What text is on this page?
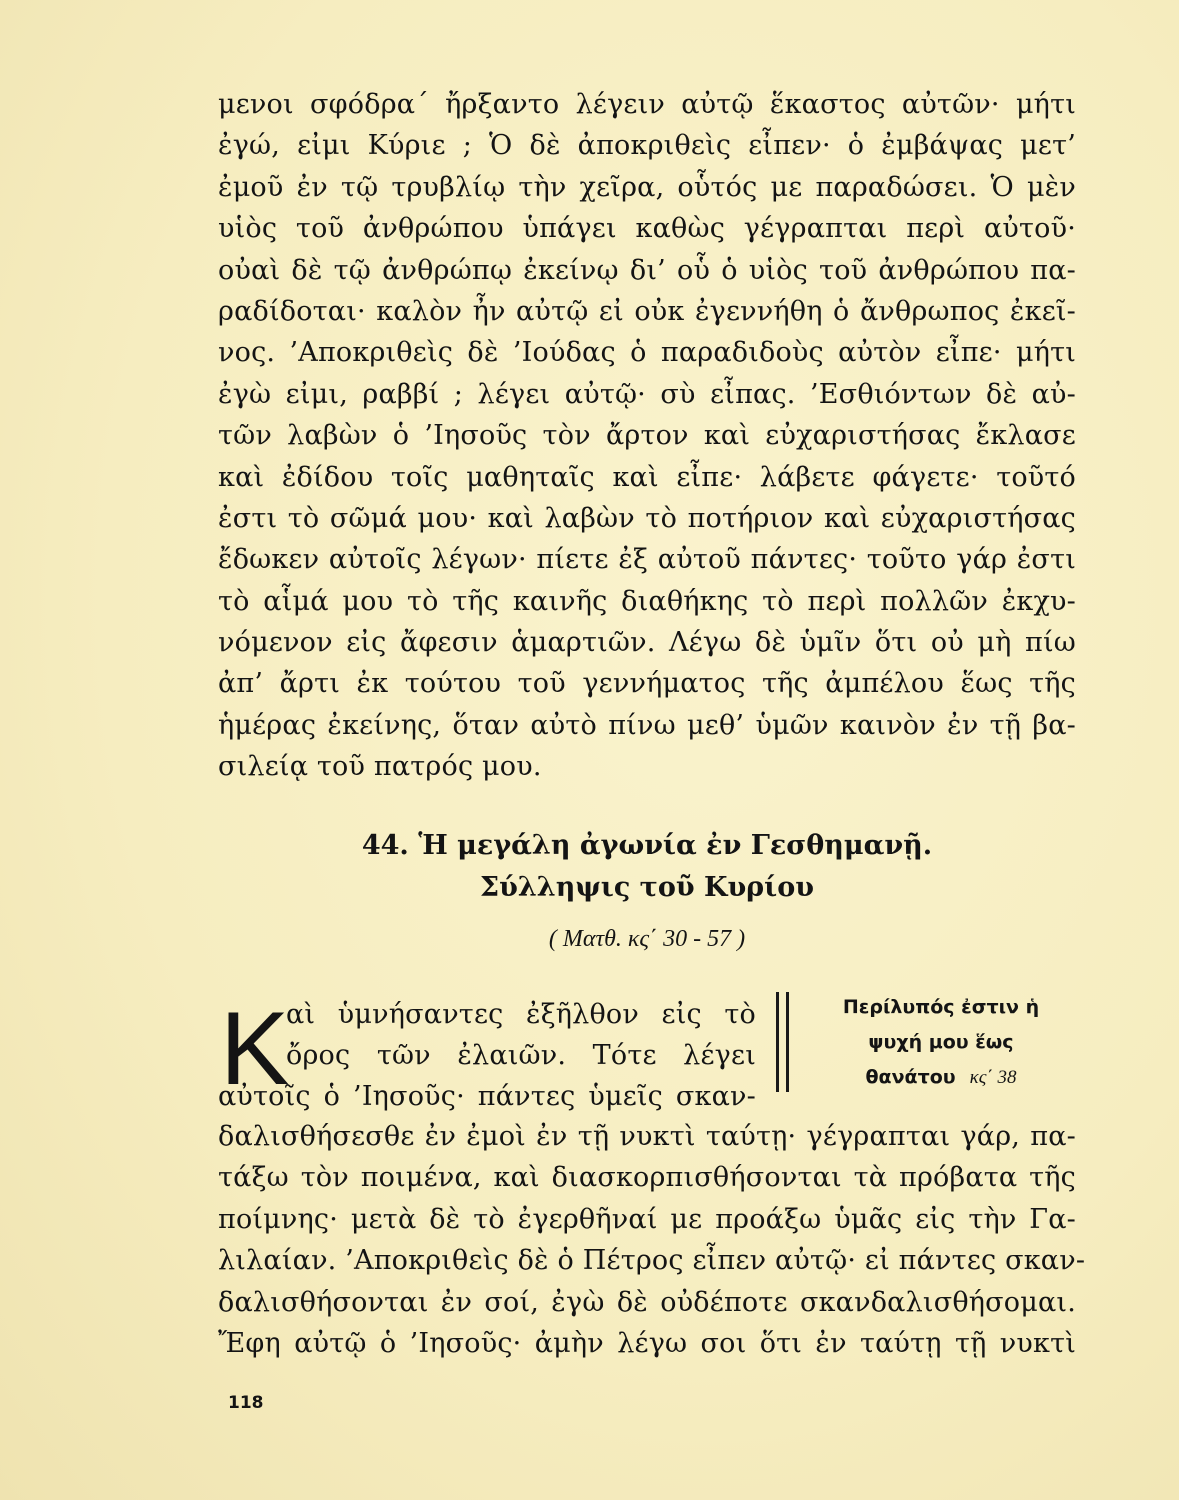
μενοι σφόδρα΄ ἤρξαντο λέγειν αὐτῷ ἕκαστος αὐτῶν· μήτι
ἐγώ, εἰμι Κύριε ; Ὁ δὲ ἀποκριθεὶς εἶπεν· ὁ ἐμβάψας μετ’
ἐμοῦ ἐν τῷ τρυβλίῳ τὴν χεῖρα, οὗτός με παραδώσει. Ὁ μὲν
υἱὸς τοῦ ἀνθρώπου ὑπάγει καθὼς γέγραπται περὶ αὐτοῦ·
οὐαὶ δὲ τῷ ἀνθρώπῳ ἐκείνῳ δι’ οὗ ὁ υἱὸς τοῦ ἀνθρώπου πα-
ραδίδοται· καλὸν ἦν αὐτῷ εἰ οὐκ ἐγεννήθη ὁ ἄνθρωπος ἐκεῖ-
νος. ’Αποκριθεὶς δὲ ’Ιούδας ὁ παραδιδοὺς αὐτὸν εἶπε· μήτι
ἐγὼ εἰμι, ραββί ; λέγει αὐτῷ· σὺ εἶπας. ’Εσθιόντων δὲ αὐ-
τῶν λαβὼν ὁ ’Ιησοῦς τὸν ἄρτον καὶ εὐχαριστήσας ἔκλασε
καὶ ἐδίδου τοῖς μαθηταῖς καὶ εἶπε· λάβετε φάγετε· τοῦτό
ἐστι τὸ σῶμά μου· καὶ λαβὼν τὸ ποτήριον καὶ εὐχαριστήσας
ἔδωκεν αὐτοῖς λέγων· πίετε ἐξ αὐτοῦ πάντες· τοῦτο γάρ ἐστι
τὸ αἷμά μου τὸ τῆς καινῆς διαθήκης τὸ περὶ πολλῶν ἐκχυ-
νόμενον εἰς ἄφεσιν ἁμαρτιῶν. Λέγω δὲ ὑμῖν ὅτι οὐ μὴ πίω
ἀπ’ ἄρτι ἐκ τούτου τοῦ γεννήματος τῆς ἀμπέλου ἕως τῆς
ἡμέρας ἐκείνης, ὅταν αὐτὸ πίνω μεθ’ ὑμῶν καινὸν ἐν τῇ βα-
σιλείᾳ τοῦ πατρός μου.
44. Ἡ μεγάλη ἀγωνία ἐν Γεσθημανῇ.
Σύλληψις τοῦ Κυρίου
( Ματθ. κς΄ 30 - 57 )
Κ
αὶ ὑμνήσαντες ἐξῆλθον εἰς τὸ
ὄρος τῶν ἐλαιῶν. Τότε λέγει
αὐτοῖς ὁ ’Ιησοῦς· πάντες ὑμεῖς σκαν-
Περίλυπός ἐστιν ἡ
ψυχή μου ἕως
θανάτου κς΄ 38
δαλισθήσεσθε ἐν ἐμοὶ ἐν τῇ νυκτὶ ταύτῃ· γέγραπται γάρ, πα-
τάξω τὸν ποιμένα, καὶ διασκορπισθήσονται τὰ πρόβατα τῆς
ποίμνης· μετὰ δὲ τὸ ἐγερθῆναί με προάξω ὑμᾶς εἰς τὴν Γα-
λιλαίαν. ’Αποκριθεὶς δὲ ὁ Πέτρος εἶπεν αὐτῷ· εἰ πάντες σκαν-
δαλισθήσονται ἐν σοί, ἐγὼ δὲ οὐδέποτε σκανδαλισθήσομαι.
Ἔφη αὐτῷ ὁ ’Ιησοῦς· ἀμὴν λέγω σοι ὅτι ἐν ταύτῃ τῇ νυκτὶ
118
